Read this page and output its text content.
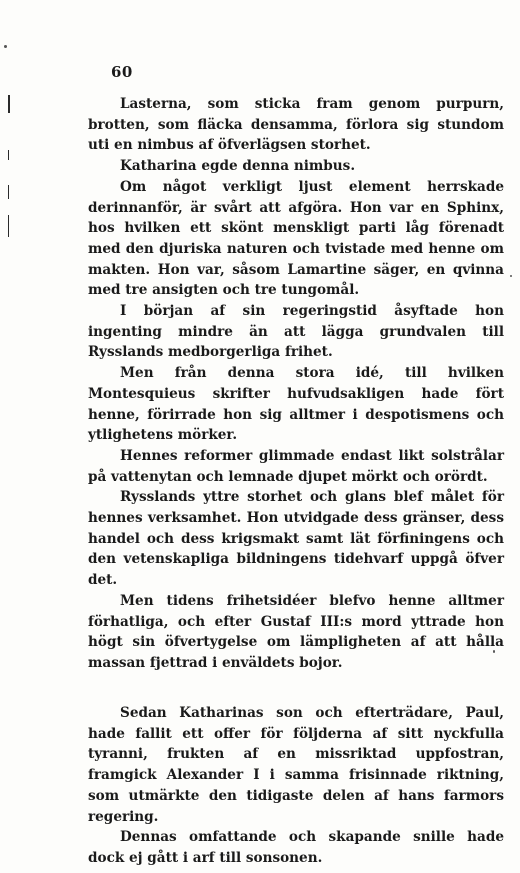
60

Lasterna, som sticka fram genom purpurn, brotten, som fläcka densamma, förlora sig stundom uti en nimbus af öfverlägsen storhet.

Katharina egde denna nimbus.

Om något verkligt ljust element herrskade derinnanför, är svårt att afgöra. Hon var en Sphinx, hos hvilken ett skönt menskligt parti låg förenadt med den djuriska naturen och tvistade med henne om makten. Hon var, såsom Lamartine säger, en qvinna med tre ansigten och tre tungomål.

I början af sin regeringstid åsyftade hon ingenting mindre än att lägga grundvalen till Rysslands medborgerliga frihet.

Men från denna stora idé, till hvilken Montesquieus skrifter hufvudsakligen hade fört henne, förirrade hon sig alltmer i despotismens och ytlighetens mörker.

Hennes reformer glimmade endast likt solstrålar på vattenytan och lemnade djupet mörkt och orördt.

Rysslands yttre storhet och glans blef målet för hennes verksamhet. Hon utvidgade dess gränser, dess handel och dess krigsmakt samt lät förfiningens och den vetenskapliga bildningens tidehvarf uppgå öfver det.

Men tidens frihetsidéer blefvo henne alltmer förhatliga, och efter Gustaf III:s mord yttrade hon högt sin öfvertygelse om lämpligheten af att hålla massan fjettrad i enväldets bojor.

Sedan Katharinas son och efterträdare, Paul, hade fallit ett offer för följderna af sitt nyckfulla tyranni, frukten af en missriktad uppfostran, framgick Alexander I i samma frisinnade riktning, som utmärkte den tidigaste delen af hans farmors regering.

Dennas omfattande och skapande snille hade dock ej gått i arf till sonsonen.
